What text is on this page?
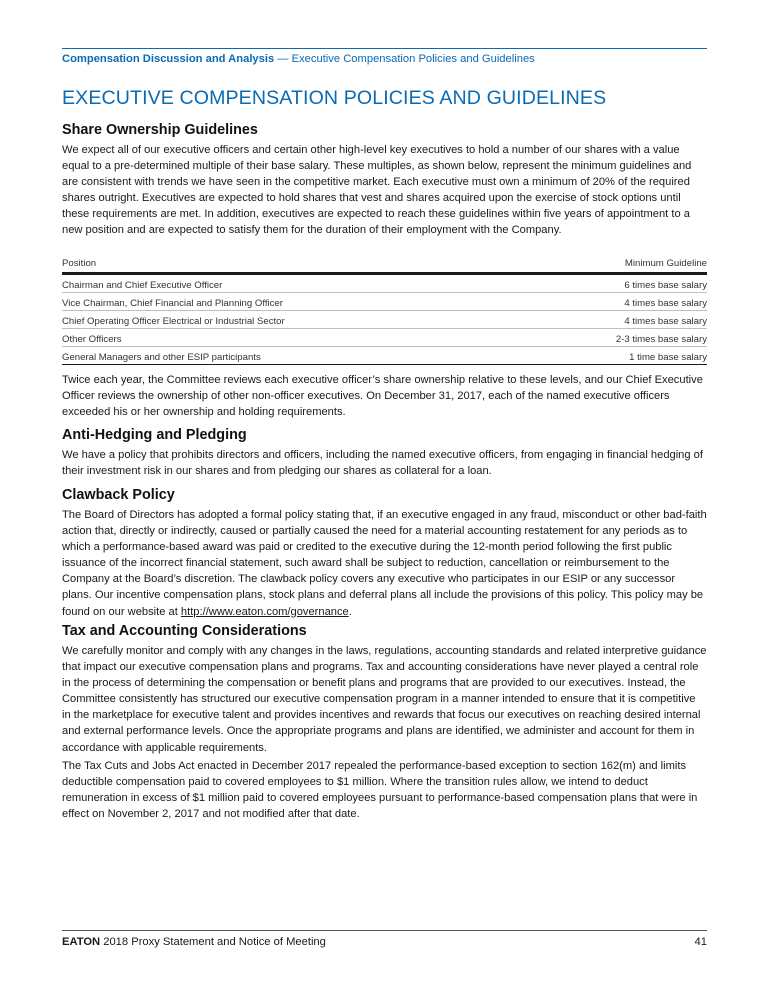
Compensation Discussion and Analysis — Executive Compensation Policies and Guidelines
EXECUTIVE COMPENSATION POLICIES AND GUIDELINES
Share Ownership Guidelines

We expect all of our executive officers and certain other high-level key executives to hold a number of our shares with a value equal to a pre-determined multiple of their base salary. These multiples, as shown below, represent the minimum guidelines and are consistent with trends we have seen in the competitive market. Each executive must own a minimum of 20% of the required shares outright. Executives are expected to hold shares that vest and shares acquired upon the exercise of stock options until these requirements are met. In addition, executives are expected to reach these guidelines within five years of appointment to a new position and are expected to satisfy them for the duration of their employment with the Company.

Position	Minimum Guideline
Chairman and Chief Executive Officer	6 times base salary
Vice Chairman, Chief Financial and Planning Officer	4 times base salary
Chief Operating Officer Electrical or Industrial Sector	4 times base salary
Other Officers	2-3 times base salary
General Managers and other ESIP participants	1 time base salary

Twice each year, the Committee reviews each executive officer’s share ownership relative to these levels, and our Chief Executive Officer reviews the ownership of other non-officer executives. On December 31, 2017, each of the named executive officers exceeded his or her ownership and holding requirements.

Anti-Hedging and Pledging

We have a policy that prohibits directors and officers, including the named executive officers, from engaging in financial hedging of their investment risk in our shares and from pledging our shares as collateral for a loan.

Clawback Policy

The Board of Directors has adopted a formal policy stating that, if an executive engaged in any fraud, misconduct or other bad-faith action that, directly or indirectly, caused or partially caused the need for a material accounting restatement for any periods as to which a performance-based award was paid or credited to the executive during the 12-month period following the first public issuance of the incorrect financial statement, such award shall be subject to reduction, cancellation or reimbursement to the Company at the Board’s discretion. The clawback policy covers any executive who participates in our ESIP or any successor plans. Our incentive compensation plans, stock plans and deferral plans all include the provisions of this policy. This policy may be found on our website at http://www.eaton.com/governance.

Tax and Accounting Considerations

We carefully monitor and comply with any changes in the laws, regulations, accounting standards and related interpretive guidance that impact our executive compensation plans and programs. Tax and accounting considerations have never played a central role in the process of determining the compensation or benefit plans and programs that are provided to our executives. Instead, the Committee consistently has structured our executive compensation program in a manner intended to ensure that it is competitive in the marketplace for executive talent and provides incentives and rewards that focus our executives on reaching desired internal and external performance levels. Once the appropriate programs and plans are identified, we administer and account for them in accordance with applicable requirements.

The Tax Cuts and Jobs Act enacted in December 2017 repealed the performance-based exception to section 162(m) and limits deductible compensation paid to covered employees to $1 million. Where the transition rules allow, we intend to deduct remuneration in excess of $1 million paid to covered employees pursuant to performance-based compensation plans that were in effect on November 2, 2017 and not modified after that date.

EATON 2018 Proxy Statement and Notice of Meeting	41
